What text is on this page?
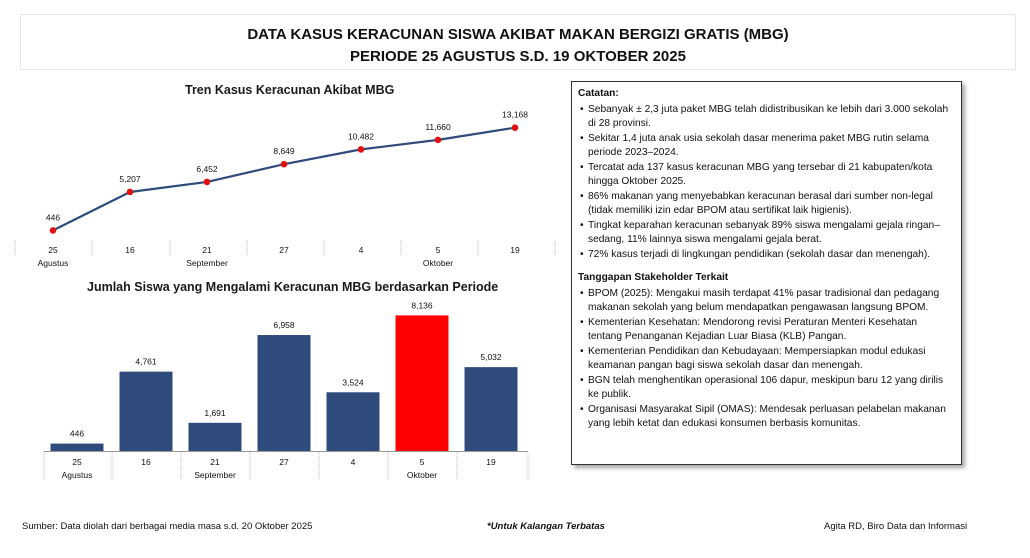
DATA KASUS KERACUNAN SISWA AKIBAT MAKAN BERGIZI GRATIS (MBG)
PERIODE 25 AGUSTUS S.D. 19 OKTOBER 2025
Tren Kasus Keracunan Akibat MBG
Jumlah Siswa yang Mengalami Keracunan MBG berdasarkan Periode
446
5,207
6,452
8,649
10,482
11,660
13,168
25	16	21	27	4	5	19
Agustus	September	Oktober
446
4,761
1,691
6,958
3,524
8,136
5,032
25	16	21	27	4	5	19
Agustus	September	Oktober

Catatan:

• Sebanyak ± 2,3 juta paket MBG telah didistribusikan ke lebih dari 3.000 sekolah di 28 provinsi.
• Sekitar 1,4 juta anak usia sekolah dasar menerima paket MBG rutin selama periode 2023–2024.
• Tercatat ada 137 kasus keracunan MBG yang tersebar di 21 kabupaten/kota hingga Oktober 2025.
• 86% makanan yang menyebabkan keracunan berasal dari sumber non-legal (tidak memiliki izin edar BPOM atau sertifikat laik higienis).
• Tingkat keparahan keracunan sebanyak 89% siswa mengalami gejala ringan–sedang, 11% lainnya siswa mengalami gejala berat.
• 72% kasus terjadi di lingkungan pendidikan (sekolah dasar dan menengah).

Tanggapan Stakeholder Terkait

• BPOM (2025): Mengakui masih terdapat 41% pasar tradisional dan pedagang makanan sekolah yang belum mendapatkan pengawasan langsung BPOM.
• Kementerian Kesehatan: Mendorong revisi Peraturan Menteri Kesehatan tentang Penanganan Kejadian Luar Biasa (KLB) Pangan.
• Kementerian Pendidikan dan Kebudayaan: Mempersiapkan modul edukasi keamanan pangan bagi siswa sekolah dasar dan menengah.
• BGN telah menghentikan operasional 106 dapur, meskipun baru 12 yang dirilis ke publik.
• Organisasi Masyarakat Sipil (OMAS): Mendesak perluasan pelabelan makanan yang lebih ketat dan edukasi konsumen berbasis komunitas.
Sumber: Data diolah dari berbagai media masa s.d. 20 Oktober 2025	*Untuk Kalangan Terbatas	Agita RD, Biro Data dan Informasi
